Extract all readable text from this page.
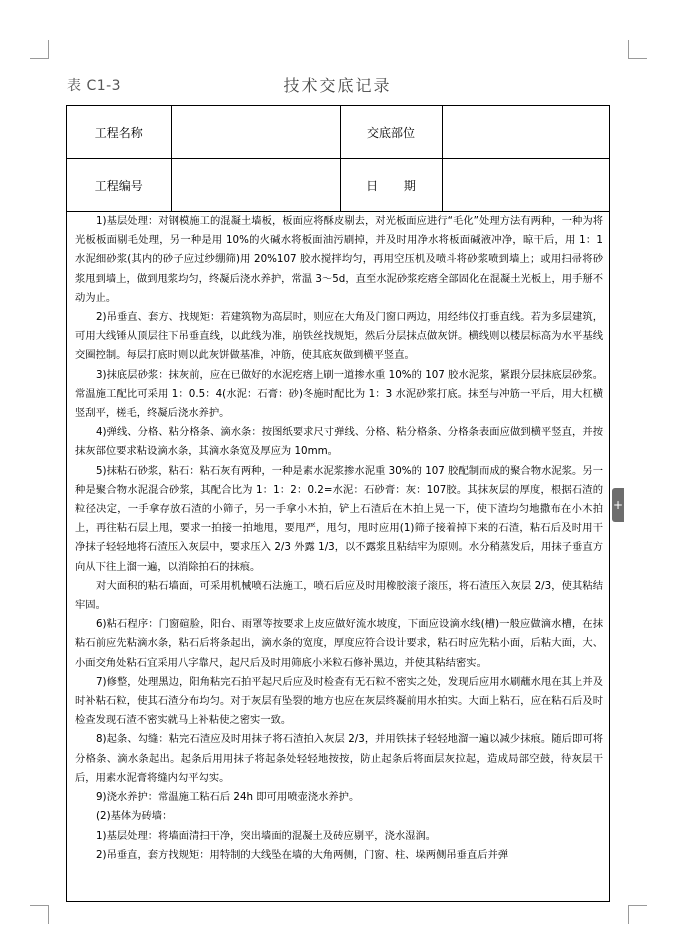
表 C1-3	技术交底记录
工程名称		交底部位	
工程编号		日 期	

1)基层处理：对钢模施工的混凝土墙板，板面应将酥皮剔去，对光板面应进行“毛化”处理方法有两种，一种为将光板板面剔毛处理，另一种是用 10%的火碱水将板面油污刷掉，并及时用净水将板面碱液冲净，晾干后，用 1：1 水泥细砂浆(其内的砂子应过纱绷筛)用 20%107 胶水搅拌均匀，再用空压机及喷斗将砂浆喷到墙上；或用扫帚将砂浆甩到墙上，做到甩浆均匀，终凝后浇水养护，常温 3～5d，直至水泥砂浆疙瘩全部固化在混凝土光板上，用手掰不动为止。

2)吊垂直、套方、找规矩：若建筑物为高层时，则应在大角及门窗口两边，用经纬仪打垂直线。若为多层建筑，可用大线锤从顶层往下吊垂直线，以此线为准，崩铁丝找规矩，然后分层抹点做灰饼。横线则以楼层标高为水平基线交圈控制。每层打底时则以此灰饼做基准，冲筋，使其底灰做到横平竖直。

3)抹底层砂浆：抹灰前，应在已做好的水泥疙瘩上刷一道掺水重 10%的 107 胶水泥浆，紧跟分层抹底层砂浆。常温施工配比可采用 1：0.5：4(水泥：石膏：砂)冬施时配比为 1：3 水泥砂浆打底。抹至与冲筋一平后，用大杠横竖刮平，槎毛，终凝后浇水养护。

4)弹线、分格、粘分格条、滴水条：按图纸要求尺寸弹线、分格、粘分格条、分格条表面应做到横平竖直，并按抹灰部位要求粘设滴水条，其滴水条宽及厚应为 10mm。

5)抹粘石砂浆，粘石：粘石灰有两种，一种是素水泥浆掺水泥重 30%的 107 胶配制而成的聚合物水泥浆。另一种是聚合物水泥混合砂浆，其配合比为 1：1：2：0.2=水泥：石砂膏：灰：107胶。其抹灰层的厚度，根据石渣的粒径决定，一手拿存放石渣的小筛子，另一手拿小木拍，铲上石渣后在木拍上晃一下，使下渣均匀地撒布在小木拍上，再往粘石层上甩，要求一拍接一拍地甩，要甩严，甩匀，甩时应用(1)筛子接着掉下来的石渣，粘石后及时用干净抹子轻轻地将石渣压入灰层中，要求压入 2/3 外露 1/3，以不露浆且粘结牢为原则。水分稍蒸发后，用抹子垂直方向从下往上溜一遍，以消除拍石的抹痕。

对大面积的粘石墙面，可采用机械喷石法施工，喷石后应及时用橡胶滚子滚压，将石渣压入灰层 2/3，使其粘结牢固。

6)粘石程序：门窗碹脸，阳台、雨罩等按要求上皮应做好流水坡度，下面应设滴水线(槽)一般应做滴水槽，在抹粘石前应先粘滴水条，粘石后将条起出，滴水条的宽度，厚度应符合设计要求，粘石时应先粘小面，后粘大面，大、小面交角处粘石宜采用八字靠尺，起尺后及时用筛底小米粒石修补黑边，并使其粘结密实。

7)修整，处理黑边，阳角粘完石拍平起尺后应及时检查有无石粒不密实之处，发现后应用水刷蘸水甩在其上并及时补粘石粒，使其石渣分布均匀。对于灰层有坠裂的地方也应在灰层终凝前用水拍实。大面上粘石，应在粘石后及时检查发现石渣不密实就马上补粘使之密实一致。

8)起条、勾缝：粘完石渣应及时用抹子将石渣拍入灰层 2/3，并用铁抹子轻轻地溜一遍以减少抹痕。随后即可将分格条、滴水条起出。起条后用用抹子将起条处轻轻地按按，防止起条后将面层灰拉起，造成局部空鼓，待灰层干后，用素水泥膏将缝内勾平勾实。

9)浇水养护：常温施工粘石后 24h 即可用喷壶浇水养护。

(2)基体为砖墙：

1)基层处理：将墙面清扫干净，突出墙面的混凝土及砖应剔平，浇水湿润。

2)吊垂直，套方找规矩：用特制的大线坠在墙的大角两侧，门窗、柱、垛两侧吊垂直后并弹

+
